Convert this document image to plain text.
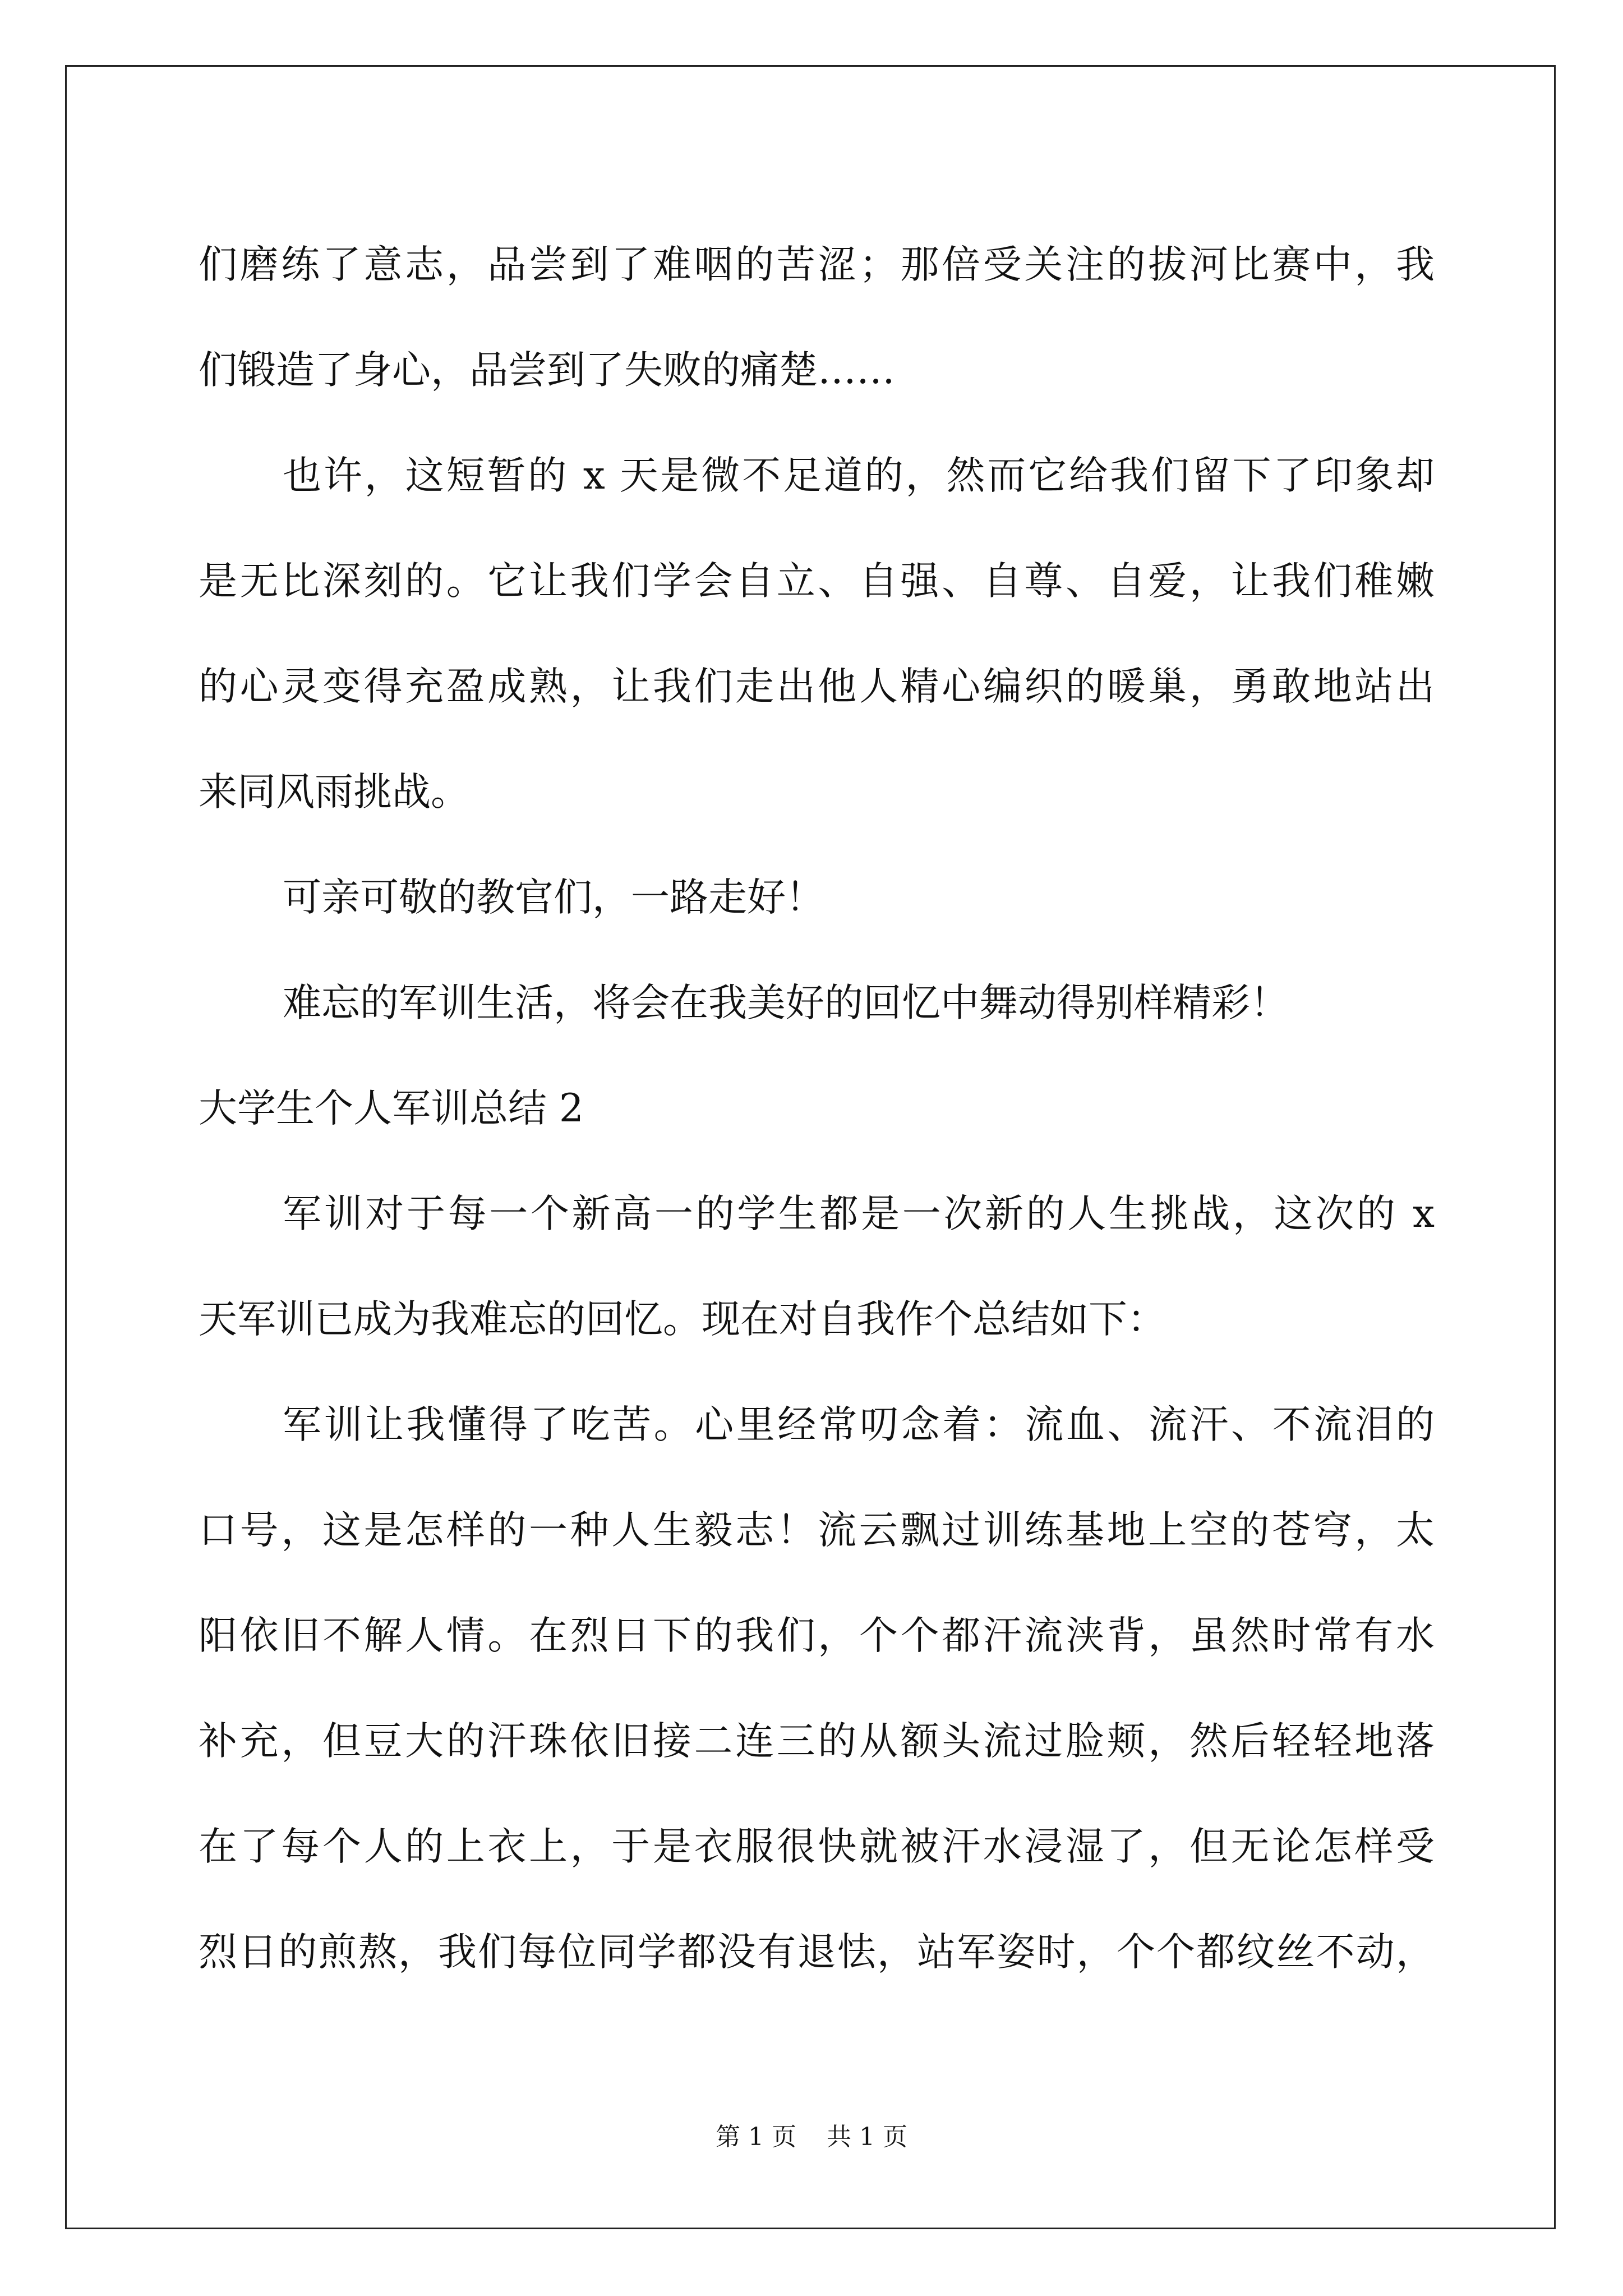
们磨练了意志，品尝到了难咽的苦涩；那倍受关注的拔河比赛中，我
们锻造了身心，品尝到了失败的痛楚……
也许，这短暂的 x 天是微不足道的，然而它给我们留下了印象却
是无比深刻的。它让我们学会自立、自强、自尊、自爱，让我们稚嫩
的心灵变得充盈成熟，让我们走出他人精心编织的暖巢，勇敢地站出
来同风雨挑战。
可亲可敬的教官们，一路走好！
难忘的军训生活，将会在我美好的回忆中舞动得别样精彩！
大学生个人军训总结 2
军训对于每一个新高一的学生都是一次新的人生挑战，这次的 x
天军训已成为我难忘的回忆。现在对自我作个总结如下：
军训让我懂得了吃苦。心里经常叨念着：流血、流汗、不流泪的
口号，这是怎样的一种人生毅志！流云飘过训练基地上空的苍穹，太
阳依旧不解人情。在烈日下的我们，个个都汗流浃背，虽然时常有水
补充，但豆大的汗珠依旧接二连三的从额头流过脸颊，然后轻轻地落
在了每个人的上衣上，于是衣服很快就被汗水浸湿了，但无论怎样受
烈日的煎熬，我们每位同学都没有退怯，站军姿时，个个都纹丝不动，
第 1 页 共 1 页
